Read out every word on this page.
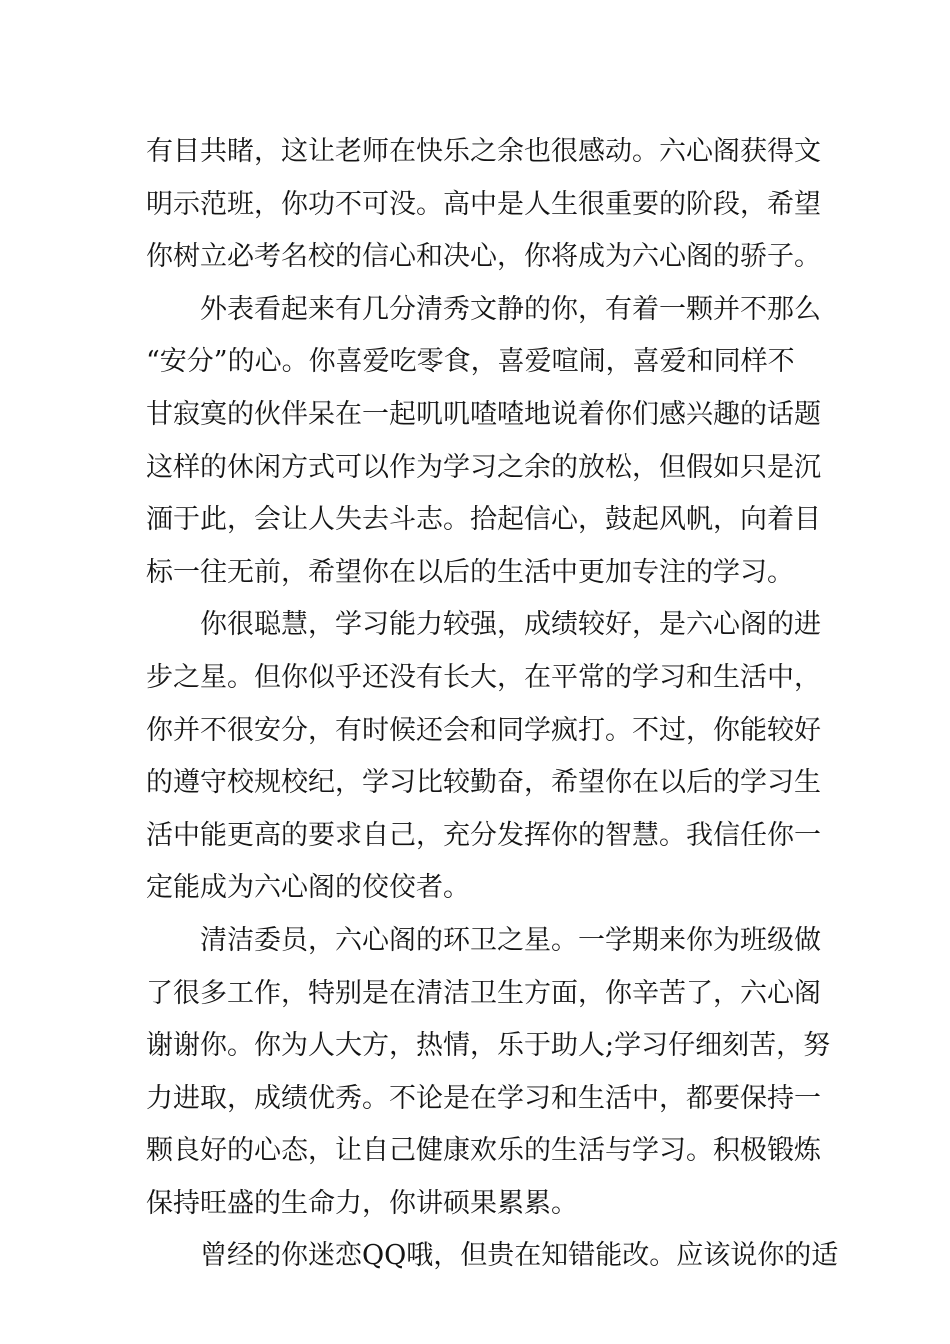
有目共睹，这让老师在快乐之余也很感动。六心阁获得文
明示范班，你功不可没。高中是人生很重要的阶段，希望
你树立必考名校的信心和决心，你将成为六心阁的骄子。
外表看起来有几分清秀文静的你，有着一颗并不那么
“安分”的心。你喜爱吃零食，喜爱喧闹，喜爱和同样不
甘寂寞的伙伴呆在一起叽叽喳喳地说着你们感兴趣的话题
这样的休闲方式可以作为学习之余的放松，但假如只是沉
湎于此，会让人失去斗志。拾起信心，鼓起风帆，向着目
标一往无前，希望你在以后的生活中更加专注的学习。
你很聪慧，学习能力较强，成绩较好，是六心阁的进
步之星。但你似乎还没有长大，在平常的学习和生活中，
你并不很安分，有时候还会和同学疯打。不过，你能较好
的遵守校规校纪，学习比较勤奋，希望你在以后的学习生
活中能更高的要求自己，充分发挥你的智慧。我信任你一
定能成为六心阁的佼佼者。
清洁委员，六心阁的环卫之星。一学期来你为班级做
了很多工作，特别是在清洁卫生方面，你辛苦了，六心阁
谢谢你。你为人大方，热情，乐于助人;学习仔细刻苦，努
力进取，成绩优秀。不论是在学习和生活中，都要保持一
颗良好的心态，让自己健康欢乐的生活与学习。积极锻炼
保持旺盛的生命力，你讲硕果累累。
曾经的你迷恋QQ哦，但贵在知错能改。应该说你的适
